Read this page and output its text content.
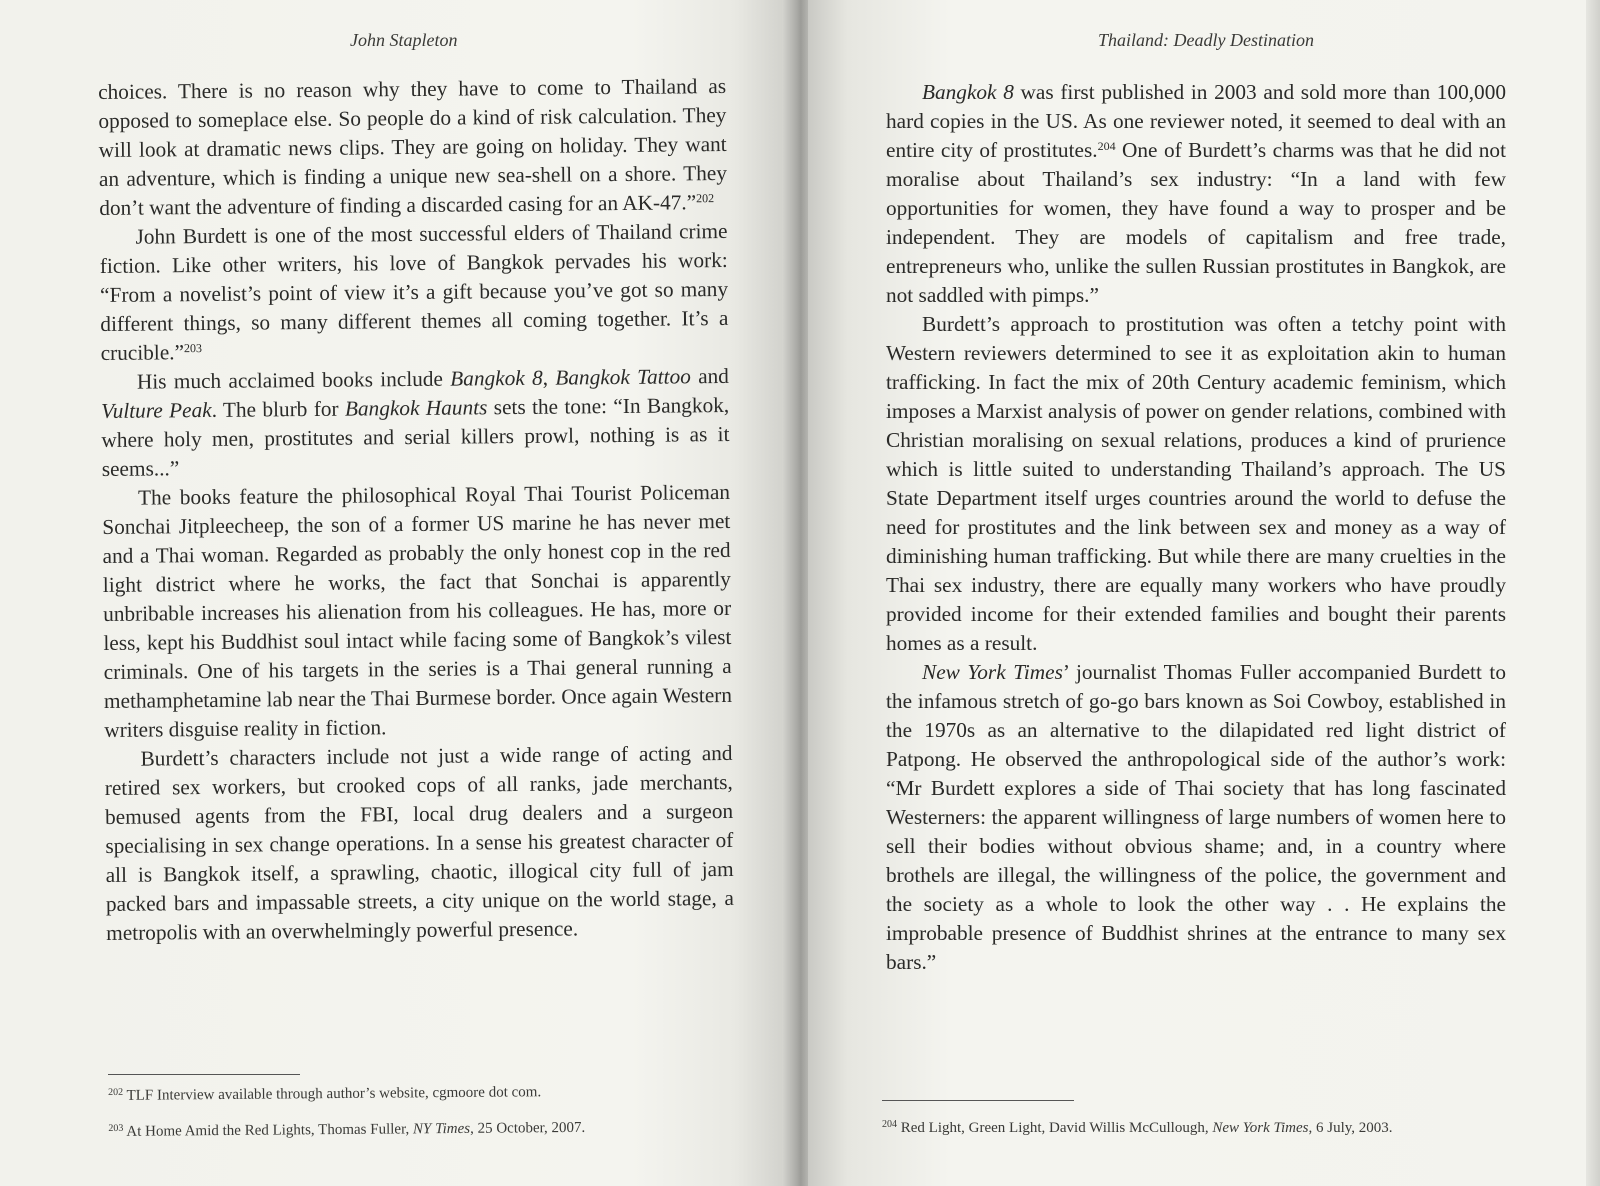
John Stapleton

choices. There is no reason why they have to come to Thailand as opposed to someplace else. So people do a kind of risk calculation. They will look at dramatic news clips. They are going on holiday. They want an adventure, which is finding a unique new sea-shell on a shore. They don’t want the adventure of finding a discarded casing for an AK-47.”$^{202}$

John Burdett is one of the most successful elders of Thailand crime fiction. Like other writers, his love of Bangkok pervades his work: “From a novelist’s point of view it’s a gift because you’ve got so many different things, so many different themes all coming together. It’s a crucible.”$^{203}$

His much acclaimed books include Bangkok 8, Bangkok Tattoo and Vulture Peak. The blurb for Bangkok Haunts sets the tone: “In Bangkok, where holy men, prostitutes and serial killers prowl, nothing is as it seems...”

The books feature the philosophical Royal Thai Tourist Policeman Sonchai Jitpleecheep, the son of a former US marine he has never met and a Thai woman. Regarded as probably the only honest cop in the red light district where he works, the fact that Sonchai is apparently unbribable increases his alienation from his colleagues. He has, more or less, kept his Buddhist soul intact while facing some of Bangkok’s vilest criminals. One of his targets in the series is a Thai general running a methamphetamine lab near the Thai Burmese border. Once again Western writers disguise reality in fiction.

Burdett’s characters include not just a wide range of acting and retired sex workers, but crooked cops of all ranks, jade merchants, bemused agents from the FBI, local drug dealers and a surgeon specialising in sex change operations. In a sense his greatest character of all is Bangkok itself, a sprawling, chaotic, illogical city full of jam packed bars and impassable streets, a city unique on the world stage, a metropolis with an overwhelmingly powerful presence.

$^{202}$ TLF Interview available through author’s website, cgmoore dot com.

$^{203}$ At Home Amid the Red Lights, Thomas Fuller, NY Times, 25 October, 2007.

Thailand: Deadly Destination

Bangkok 8 was first published in 2003 and sold more than 100,000 hard copies in the US. As one reviewer noted, it seemed to deal with an entire city of prostitutes.$^{204}$ One of Burdett’s charms was that he did not moralise about Thailand’s sex industry: “In a land with few opportunities for women, they have found a way to prosper and be independent. They are models of capitalism and free trade, entrepreneurs who, unlike the sullen Russian prostitutes in Bangkok, are not saddled with pimps.”

Burdett’s approach to prostitution was often a tetchy point with Western reviewers determined to see it as exploitation akin to human trafficking. In fact the mix of 20th Century academic feminism, which imposes a Marxist analysis of power on gender relations, combined with Christian moralising on sexual relations, produces a kind of prurience which is little suited to understanding Thailand’s approach. The US State Department itself urges countries around the world to defuse the need for prostitutes and the link between sex and money as a way of diminishing human trafficking. But while there are many cruelties in the Thai sex industry, there are equally many workers who have proudly provided income for their extended families and bought their parents homes as a result.

New York Times’ journalist Thomas Fuller accompanied Burdett to the infamous stretch of go-go bars known as Soi Cowboy, established in the 1970s as an alternative to the dilapidated red light district of Patpong. He observed the anthropological side of the author’s work: “Mr Burdett explores a side of Thai society that has long fascinated Westerners: the apparent willingness of large numbers of women here to sell their bodies without obvious shame; and, in a country where brothels are illegal, the willingness of the police, the government and the society as a whole to look the other way . . He explains the improbable presence of Buddhist shrines at the entrance to many sex bars.”

$^{204}$ Red Light, Green Light, David Willis McCullough, New York Times, 6 July, 2003.
